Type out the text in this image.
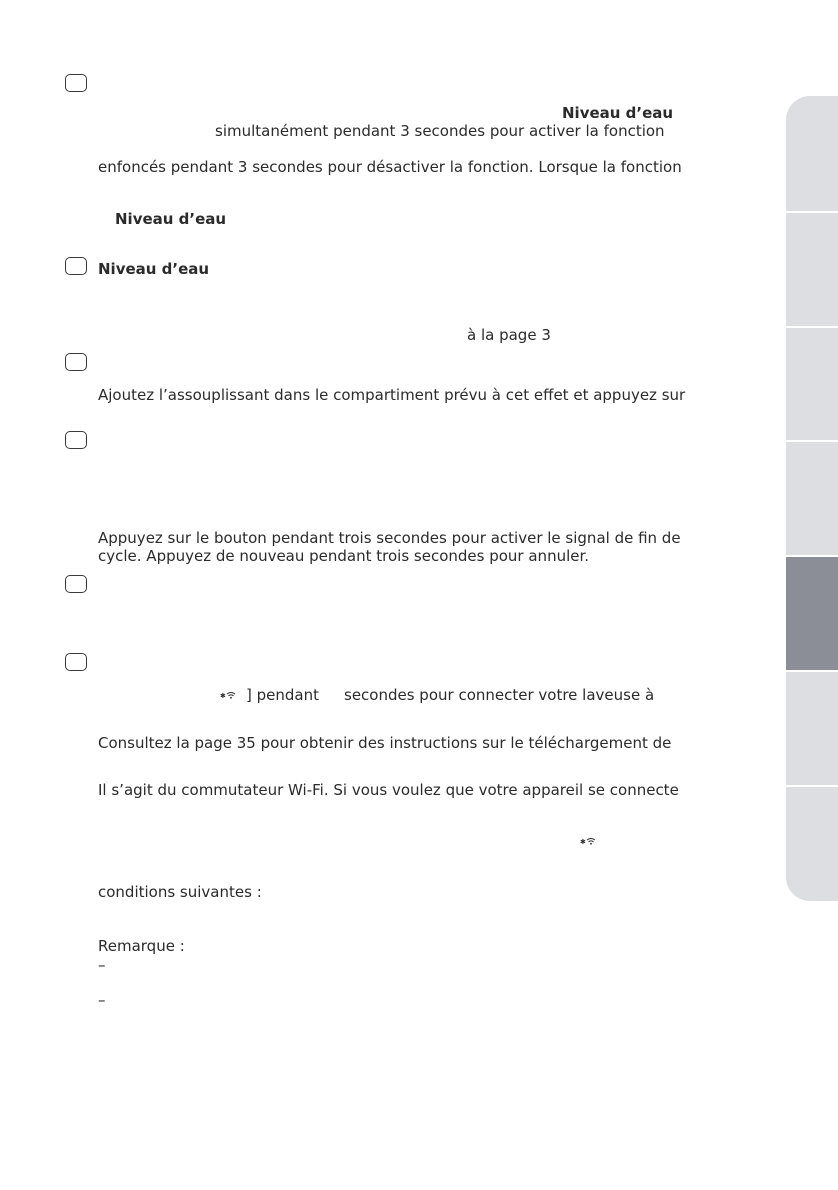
Niveau d’eau
simultanément pendant 3 secondes pour activer la fonction
enfoncés pendant 3 secondes pour désactiver la fonction. Lorsque la fonction
Niveau d’eau
Niveau d’eau
à la page 3
Ajoutez l’assouplissant dans le compartiment prévu à cet effet et appuyez sur
Appuyez sur le bouton pendant trois secondes pour activer le signal de fin de
cycle. Appuyez de nouveau pendant trois secondes pour annuler.
✱ ] pendant secondes pour connecter votre laveuse à
Consultez la page 35 pour obtenir des instructions sur le téléchargement de
Il s’agit du commutateur Wi-Fi. Si vous voulez que votre appareil se connecte
✱
conditions suivantes :
Remarque :
–
–
